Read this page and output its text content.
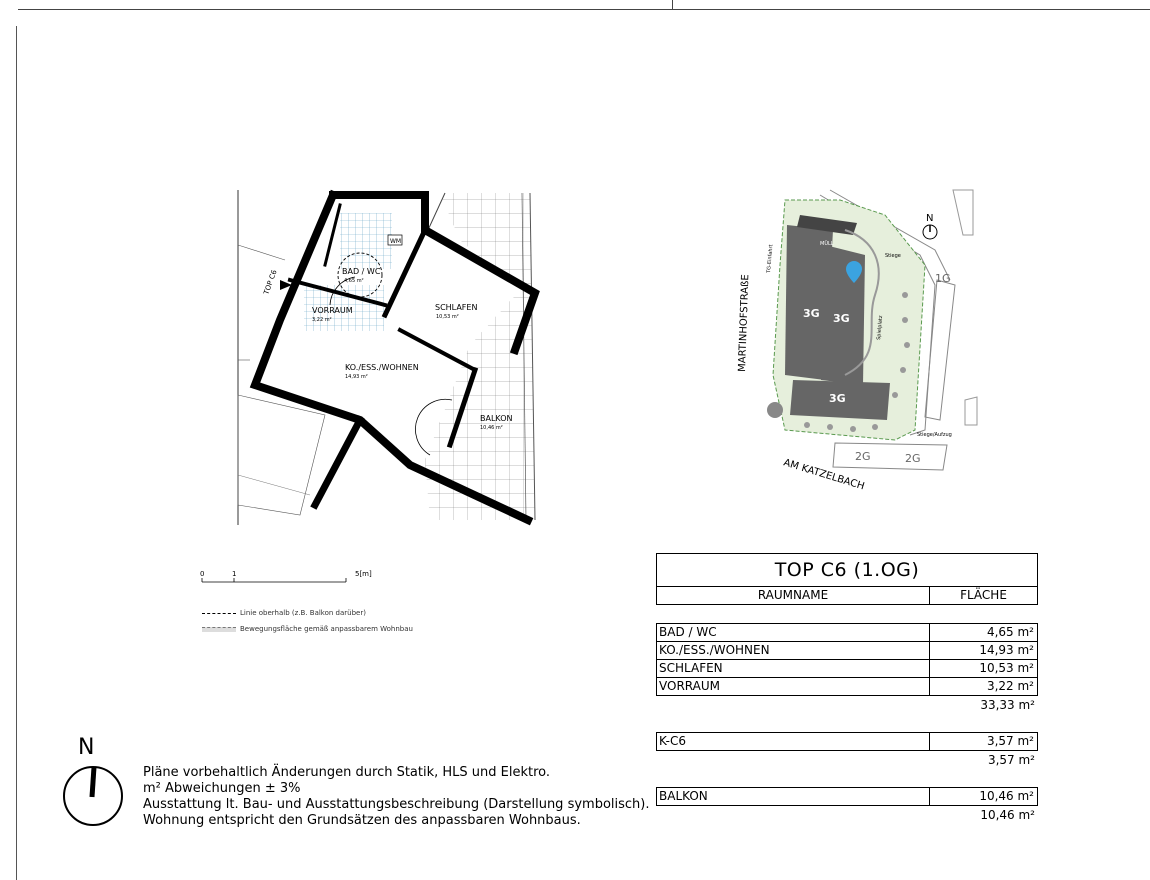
WM
TOP C6	BAD / WC
4,65 m²
VORRAUM
3,22 m²
SCHLAFEN
10,53 m²
KO./ESS./WOHNEN
14,93 m²
BALKON
10,46 m²
0	1	5[m]
Linie oberhalb (z.B. Balkon darüber)
Bewegungsfläche gemäß anpassbarem Wohnbau
N
3G 3G
3G
1G
2G	2G
MARTINHOFSTRAßE
AM KATZELBACH
TG-Einfahrt
MÜLL
Stiege
Spielplatz
Stiege/Aufzug
TOP C6 (1.OG)
RAUMNAME	FLÄCHE
BAD / WC	4,65 m²
KO./ESS./WOHNEN	14,93 m²
SCHLAFEN	10,53 m²
VORRAUM	3,22 m²
33,33 m²
K-C6	3,57 m²
3,57 m²
BALKON	10,46 m²
10,46 m²
N
Pläne vorbehaltlich Änderungen durch Statik, HLS und Elektro.
m² Abweichungen ± 3%
Ausstattung lt. Bau- und Ausstattungsbeschreibung (Darstellung symbolisch).
Wohnung entspricht den Grundsätzen des anpassbaren Wohnbaus.
